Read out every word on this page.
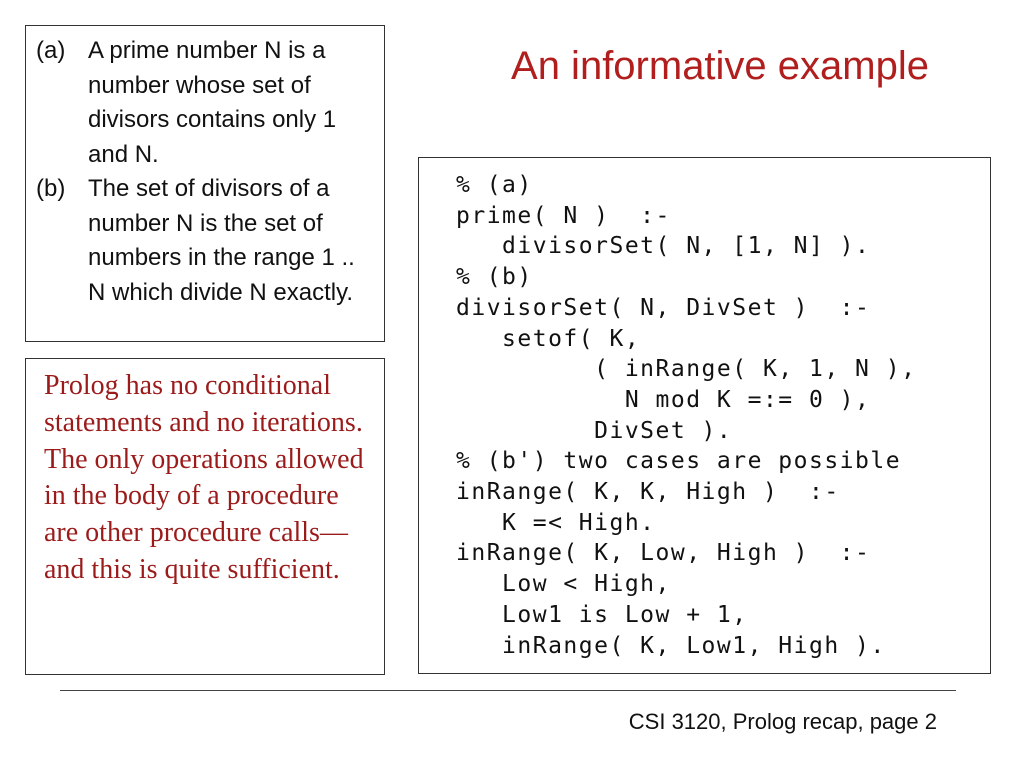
(a) A prime number N is a number whose set of divisors contains only 1 and N.
(b) The set of divisors of a number N is the set of numbers in the range 1 .. N which divide N exactly.
Prolog has no conditional statements and no iterations. The only operations allowed in the body of a procedure are other procedure calls—and this is quite sufficient.
An informative example
% (a)
prime( N )  :-
divisorSet( N, [1, N] ).
% (b)
divisorSet( N, DivSet )  :-
setof( K,
( inRange( K, 1, N ),
N mod K =:= 0 ),
DivSet ).
% (b') two cases are possible
inRange( K, K, High )  :-
K =< High.
inRange( K, Low, High )  :-
Low < High,
Low1 is Low + 1,
inRange( K, Low1, High ).
CSI 3120, Prolog recap, page 2
